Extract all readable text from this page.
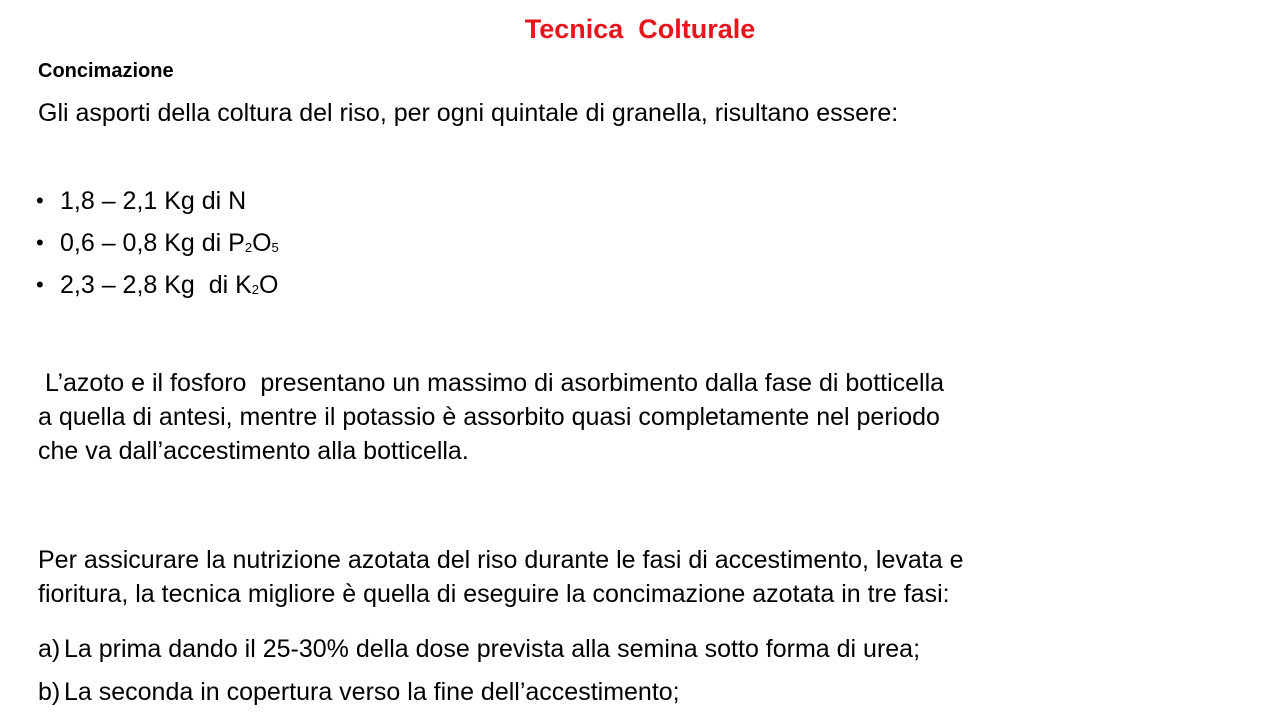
Tecnica  Colturale
Concimazione
Gli asporti della coltura del riso, per ogni quintale di granella, risultano essere:
• 1,8 – 2,1 Kg di N
• 0,6 – 0,8 Kg di $P_2O_5$
• 2,3 – 2,8 Kg  di $K_2O$
L’azoto e il fosforo  presentano un massimo di asorbimento dalla fase di botticella
a quella di antesi, mentre il potassio è assorbito quasi completamente nel periodo
che va dall’accestimento alla botticella.
Per assicurare la nutrizione azotata del riso durante le fasi di accestimento, levata e
fioritura, la tecnica migliore è quella di eseguire la concimazione azotata in tre fasi:
a) La prima dando il 25-30% della dose prevista alla semina sotto forma di urea;
b) La seconda in copertura verso la fine dell’accestimento;
